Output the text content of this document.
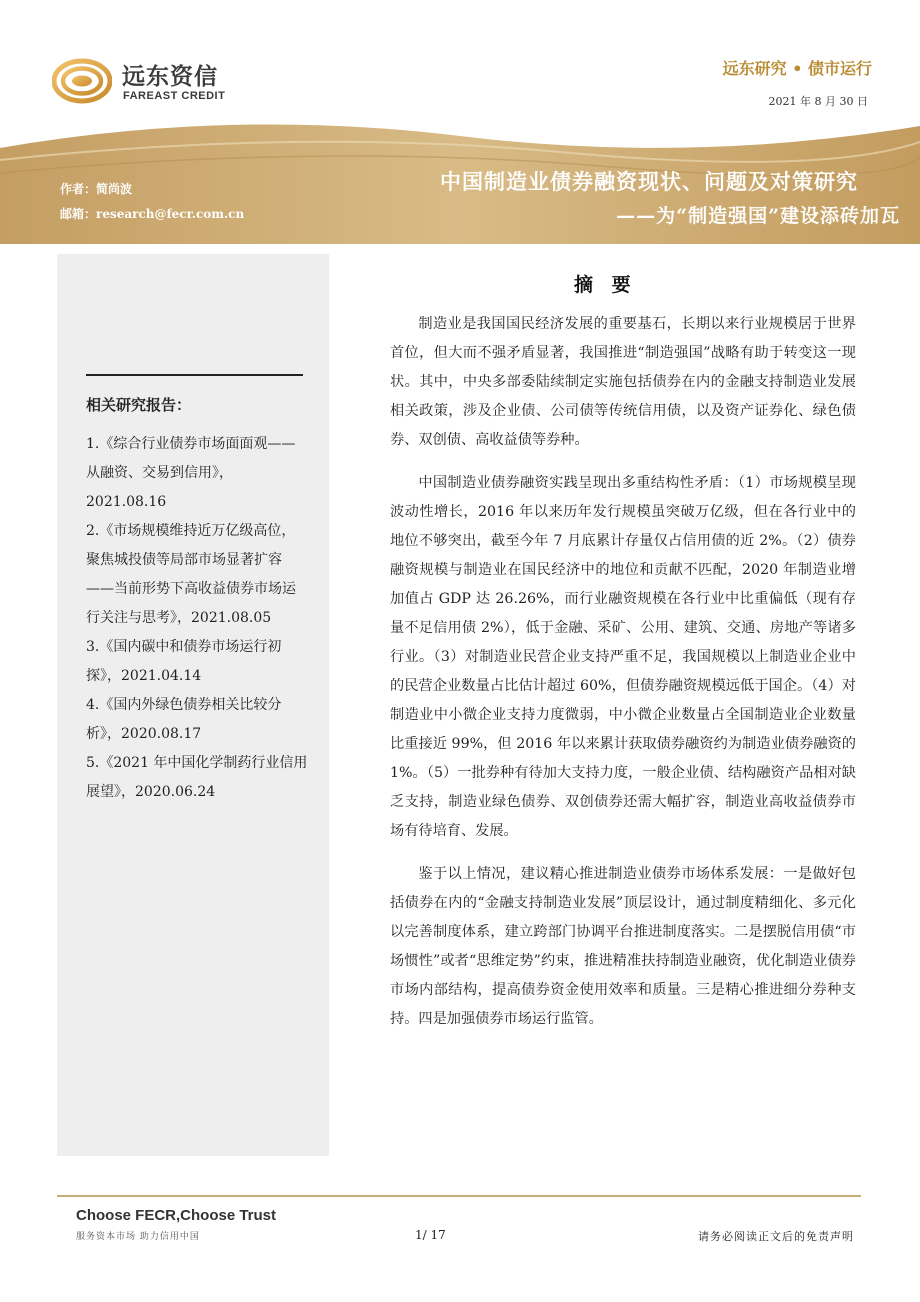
远东资信
FAREAST CREDIT
远东研究 • 债市运行
2021 年 8 月 30 日
作者：简尚波
邮箱：research@fecr.com.cn
中国制造业债券融资现状、问题及对策研究
——为“制造强国”建设添砖加瓦
相关研究报告：

1.《综合行业债券市场面面观——从融资、交易到信用》，2021.08.16

2.《市场规模维持近万亿级高位，聚焦城投债等局部市场显著扩容——当前形势下高收益债券市场运行关注与思考》，2021.08.05

3.《国内碳中和债券市场运行初探》，2021.04.14

4.《国内外绿色债券相关比较分析》，2020.08.17

5.《2021 年中国化学制药行业信用展望》，2020.06.24

摘 要

制造业是我国国民经济发展的重要基石，长期以来行业规模居于世界首位，但大而不强矛盾显著，我国推进“制造强国”战略有助于转变这一现状。其中，中央多部委陆续制定实施包括债券在内的金融支持制造业发展相关政策，涉及企业债、公司债等传统信用债，以及资产证券化、绿色债券、双创债、高收益债等券种。

中国制造业债券融资实践呈现出多重结构性矛盾：（1）市场规模呈现波动性增长，2016 年以来历年发行规模虽突破万亿级，但在各行业中的地位不够突出，截至今年 7 月底累计存量仅占信用债的近 2%。（2）债券融资规模与制造业在国民经济中的地位和贡献不匹配，2020 年制造业增加值占 GDP 达 26.26%，而行业融资规模在各行业中比重偏低（现有存量不足信用债 2%），低于金融、采矿、公用、建筑、交通、房地产等诸多行业。（3）对制造业民营企业支持严重不足，我国规模以上制造业企业中的民营企业数量占比估计超过 60%，但债券融资规模远低于国企。（4）对制造业中小微企业支持力度微弱，中小微企业数量占全国制造业企业数量比重接近 99%，但 2016 年以来累计获取债券融资约为制造业债券融资的 1%。（5）一批券种有待加大支持力度，一般企业债、结构融资产品相对缺乏支持，制造业绿色债券、双创债券还需大幅扩容，制造业高收益债券市场有待培育、发展。

鉴于以上情况，建议精心推进制造业债券市场体系发展：一是做好包括债券在内的“金融支持制造业发展”顶层设计，通过制度精细化、多元化以完善制度体系，建立跨部门协调平台推进制度落实。二是摆脱信用债“市场惯性”或者“思维定势”约束，推进精准扶持制造业融资，优化制造业债券市场内部结构，提高债券资金使用效率和质量。三是精心推进细分券种支持。四是加强债券市场运行监管。

Choose FECR,Choose Trust
服务资本市场 助力信用中国	1/ 17	请务必阅读正文后的免责声明
